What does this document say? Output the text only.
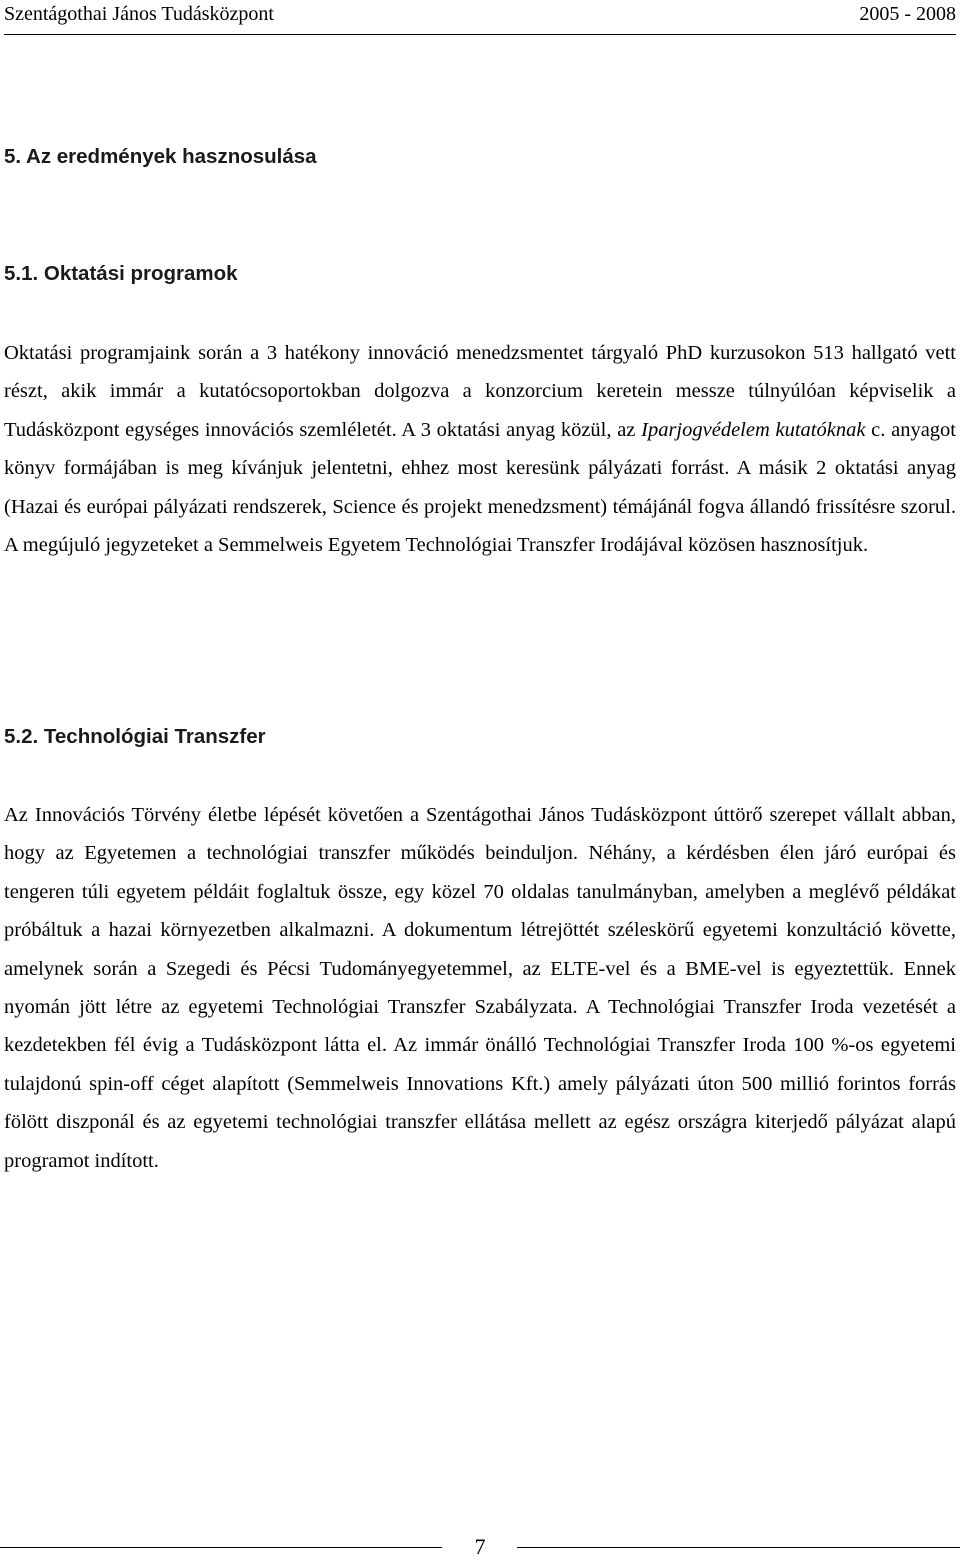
Szentágothai János Tudásközpont	2005 - 2008
5. Az eredmények hasznosulása
5.1. Oktatási programok
Oktatási programjaink során a 3 hatékony innováció menedzsmentet tárgyaló PhD kurzusokon 513 hallgató vett részt, akik immár a kutatócsoportokban dolgozva a konzorcium keretein messze túlnyúlóan képviselik a Tudásközpont egységes innovációs szemléletét. A 3 oktatási anyag közül, az Iparjogvédelem kutatóknak c. anyagot könyv formájában is meg kívánjuk jelentetni, ehhez most keresünk pályázati forrást. A másik 2 oktatási anyag (Hazai és európai pályázati rendszerek, Science és projekt menedzsment) témájánál fogva állandó frissítésre szorul. A megújuló jegyzeteket a Semmelweis Egyetem Technológiai Transzfer Irodájával közösen hasznosítjuk.
5.2. Technológiai Transzfer
Az Innovációs Törvény életbe lépését követően a Szentágothai János Tudásközpont úttörő szerepet vállalt abban, hogy az Egyetemen a technológiai transzfer működés beinduljon. Néhány, a kérdésben élen járó európai és tengeren túli egyetem példáit foglaltuk össze, egy közel 70 oldalas tanulmányban, amelyben a meglévő példákat próbáltuk a hazai környezetben alkalmazni. A dokumentum létrejöttét széleskörű egyetemi konzultáció követte, amelynek során a Szegedi és Pécsi Tudományegyetemmel, az ELTE-vel és a BME-vel is egyeztettük. Ennek nyomán jött létre az egyetemi Technológiai Transzfer Szabályzata. A Technológiai Transzfer Iroda vezetését a kezdetekben fél évig a Tudásközpont látta el. Az immár önálló Technológiai Transzfer Iroda 100 %-os egyetemi tulajdonú spin-off céget alapított (Semmelweis Innovations Kft.) amely pályázati úton 500 millió forintos forrás fölött diszponál és az egyetemi technológiai transzfer ellátása mellett az egész országra kiterjedő pályázat alapú programot indított.
7
